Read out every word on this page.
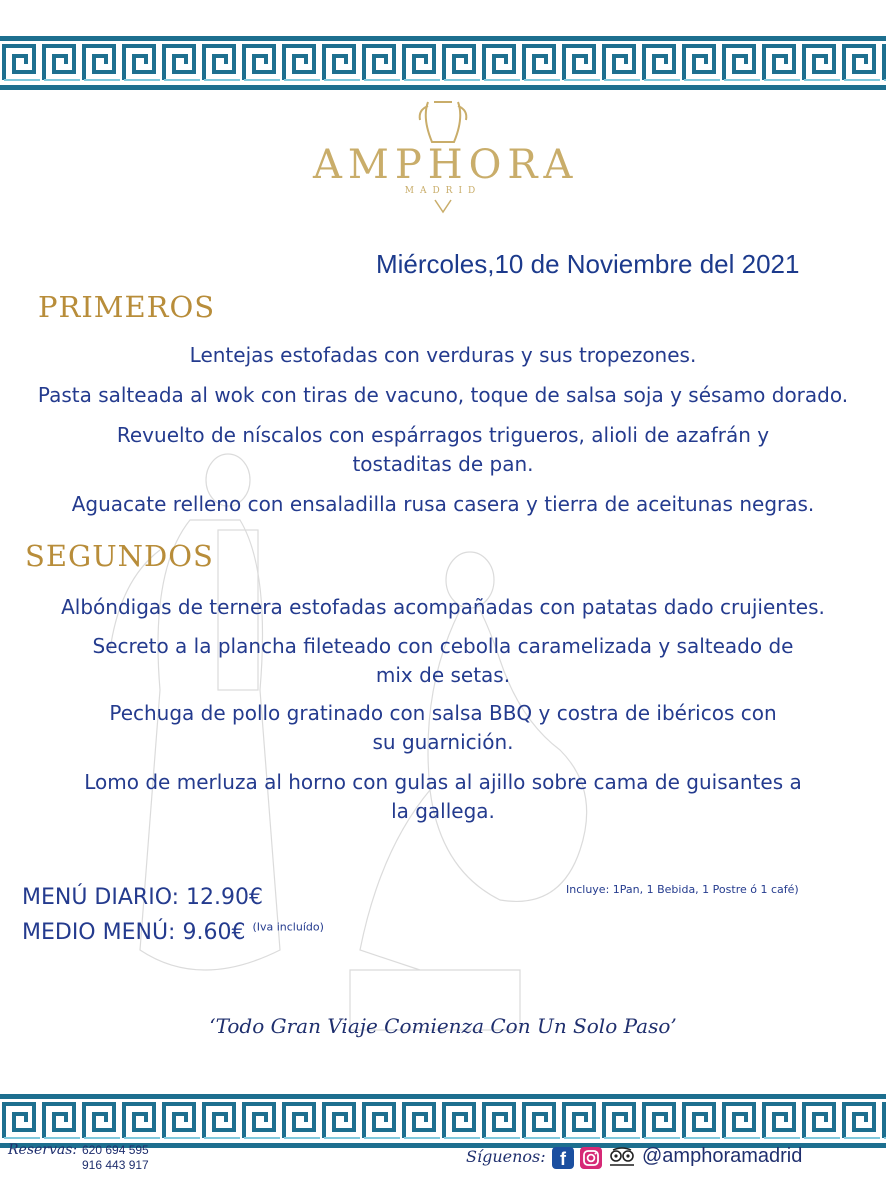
AMPHORA
MADRID
Miércoles,10 de Noviembre del 2021
PRIMEROS
Lentejas estofadas con verduras y sus tropezones.
Pasta salteada al wok con tiras de vacuno, toque de salsa soja y sésamo dorado.
Revuelto de níscalos con espárragos trigueros, alioli de azafrán y
tostaditas de pan.
Aguacate relleno con ensaladilla rusa casera y tierra de aceitunas negras.
SEGUNDOS
Albóndigas de ternera estofadas acompañadas con patatas dado crujientes.
Secreto a la plancha fileteado con cebolla caramelizada y salteado de
mix de setas.
Pechuga de pollo gratinado con salsa BBQ y costra de ibéricos con
su guarnición.
Lomo de merluza al horno con gulas al ajillo sobre cama de guisantes a
la gallega.
MENÚ DIARIO: 12.90€
MEDIO MENÚ: 9.60€ $^{(Iva incluído)}$
Incluye: 1Pan, 1 Bebida, 1 Postre ó 1 café)
‘Todo Gran Viaje Comienza Con Un Solo Paso’
Reservas: 620 694 595
916 443 917	Síguenos: f	@amphoramadrid
